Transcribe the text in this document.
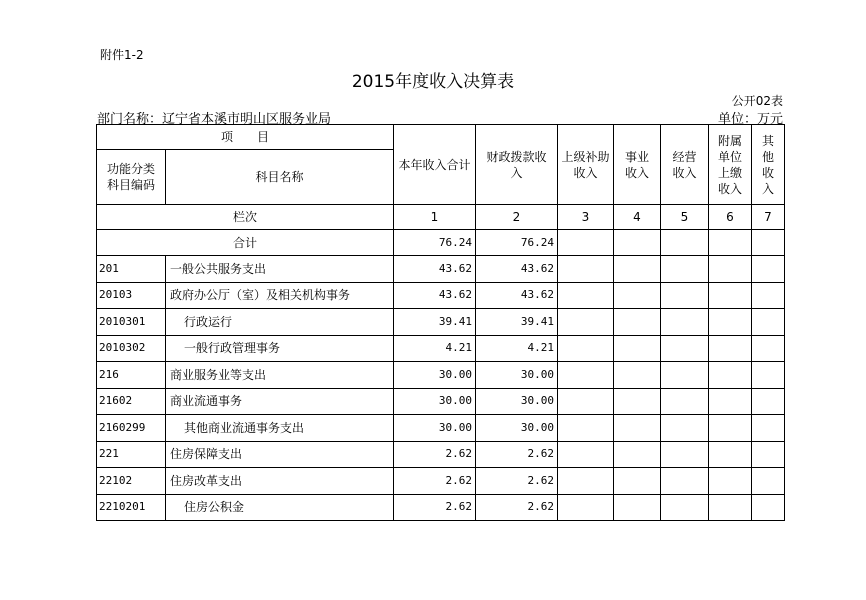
附件1-2
2015年度收入决算表
公开02表
部门名称：辽宁省本溪市明山区服务业局	单位：万元
项　　目		本年收入合计	财政拨款收入	上级补助收入	事业收入	经营收入	附属单位上缴收入	其他收入
功能分类
科目编码	科目名称							
栏次		1	2	3	4	5	6	7
合计		76.24	76.24					
201	一般公共服务支出	43.62	43.62					
20103	政府办公厅（室）及相关机构事务	43.62	43.62					
2010301	行政运行	39.41	39.41					
2010302	一般行政管理事务	4.21	4.21					
216	商业服务业等支出	30.00	30.00					
21602	商业流通事务	30.00	30.00					
2160299	其他商业流通事务支出	30.00	30.00					
221	住房保障支出	2.62	2.62					
22102	住房改革支出	2.62	2.62					
2210201	住房公积金	2.62	2.62					
